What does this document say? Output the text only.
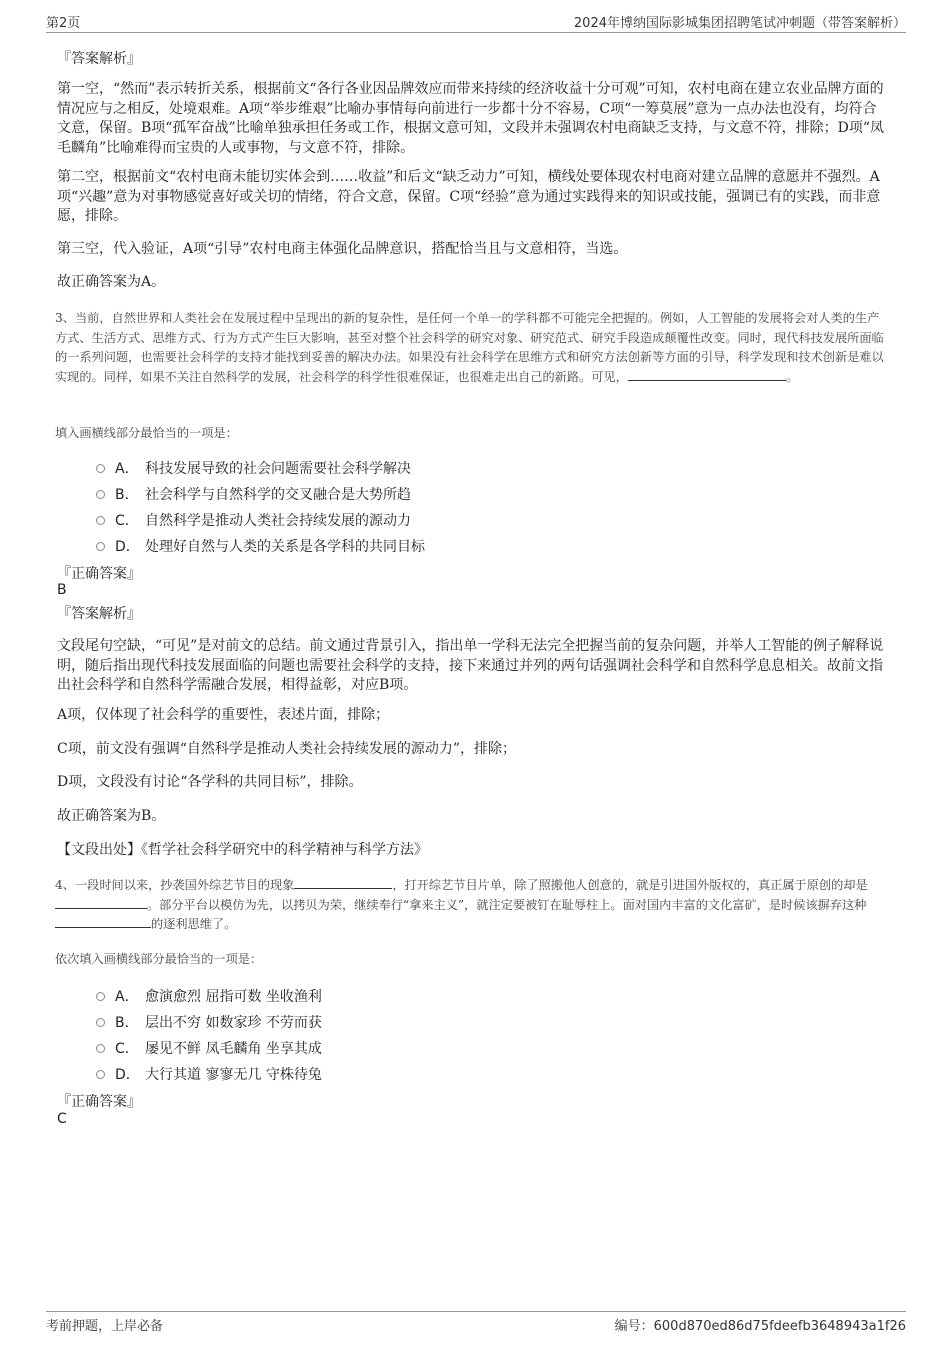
第2页	2024年博纳国际影城集团招聘笔试冲刺题（带答案解析）
『答案解析』
第一空，“然而”表示转折关系，根据前文“各行各业因品牌效应而带来持续的经济收益十分可观”可知，农村电商在建立农业品牌方面的情况应与之相反，处境艰难。A项“举步维艰”比喻办事情每向前进行一步都十分不容易，C项“一筹莫展”意为一点办法也没有，均符合文意，保留。B项“孤军奋战”比喻单独承担任务或工作，根据文意可知，文段并未强调农村电商缺乏支持，与文意不符，排除；D项“凤毛麟角”比喻难得而宝贵的人或事物，与文意不符，排除。
第二空，根据前文“农村电商未能切实体会到……收益”和后文“缺乏动力”可知，横线处要体现农村电商对建立品牌的意愿并不强烈。A项“兴趣”意为对事物感觉喜好或关切的情绪，符合文意，保留。C项“经验”意为通过实践得来的知识或技能，强调已有的实践，而非意愿，排除。
第三空，代入验证，A项“引导”农村电商主体强化品牌意识，搭配恰当且与文意相符，当选。
故正确答案为A。
3、当前，自然世界和人类社会在发展过程中呈现出的新的复杂性，是任何一个单一的学科都不可能完全把握的。例如，人工智能的发展将会对人类的生产方式、生活方式、思维方式、行为方式产生巨大影响，甚至对整个社会科学的研究对象、研究范式、研究手段造成颠覆性改变。同时，现代科技发展所面临的一系列问题，也需要社会科学的支持才能找到妥善的解决办法。如果没有社会科学在思维方式和研究方法创新等方面的引导，科学发现和技术创新是难以实现的。同样，如果不关注自然科学的发展，社会科学的科学性很难保证，也很难走出自己的新路。可见，	。
填入画横线部分最恰当的一项是：
A． 科技发展导致的社会问题需要社会科学解决
B． 社会科学与自然科学的交叉融合是大势所趋
C． 自然科学是推动人类社会持续发展的源动力
D． 处理好自然与人类的关系是各学科的共同目标
『正确答案』
B
『答案解析』
文段尾句空缺，“可见”是对前文的总结。前文通过背景引入，指出单一学科无法完全把握当前的复杂问题，并举人工智能的例子解释说明，随后指出现代科技发展面临的问题也需要社会科学的支持，接下来通过并列的两句话强调社会科学和自然科学息息相关。故前文指出社会科学和自然科学需融合发展，相得益彰，对应B项。
A项，仅体现了社会科学的重要性，表述片面，排除；
C项，前文没有强调“自然科学是推动人类社会持续发展的源动力”，排除；
D项，文段没有讨论“各学科的共同目标”，排除。
故正确答案为B。
【文段出处】《哲学社会科学研究中的科学精神与科学方法》
4、一段时间以来，抄袭国外综艺节目的现象	，打开综艺节目片单，除了照搬他人创意的，就是引进国外版权的，真正属于原创的却是。部分平台以模仿为先，以拷贝为荣，继续奉行“拿来主义”，就注定要被钉在耻辱柱上。面对国内丰富的文化富矿，是时候该摒弃这种的逐利思维了。
依次填入画横线部分最恰当的一项是：
A． 愈演愈烈 屈指可数 坐收渔利
B． 层出不穷 如数家珍 不劳而获
C． 屡见不鲜 凤毛麟角 坐享其成
D． 大行其道 寥寥无几 守株待兔
『正确答案』
C
考前押题，上岸必备	编号：600d870ed86d75fdeefb3648943a1f26
